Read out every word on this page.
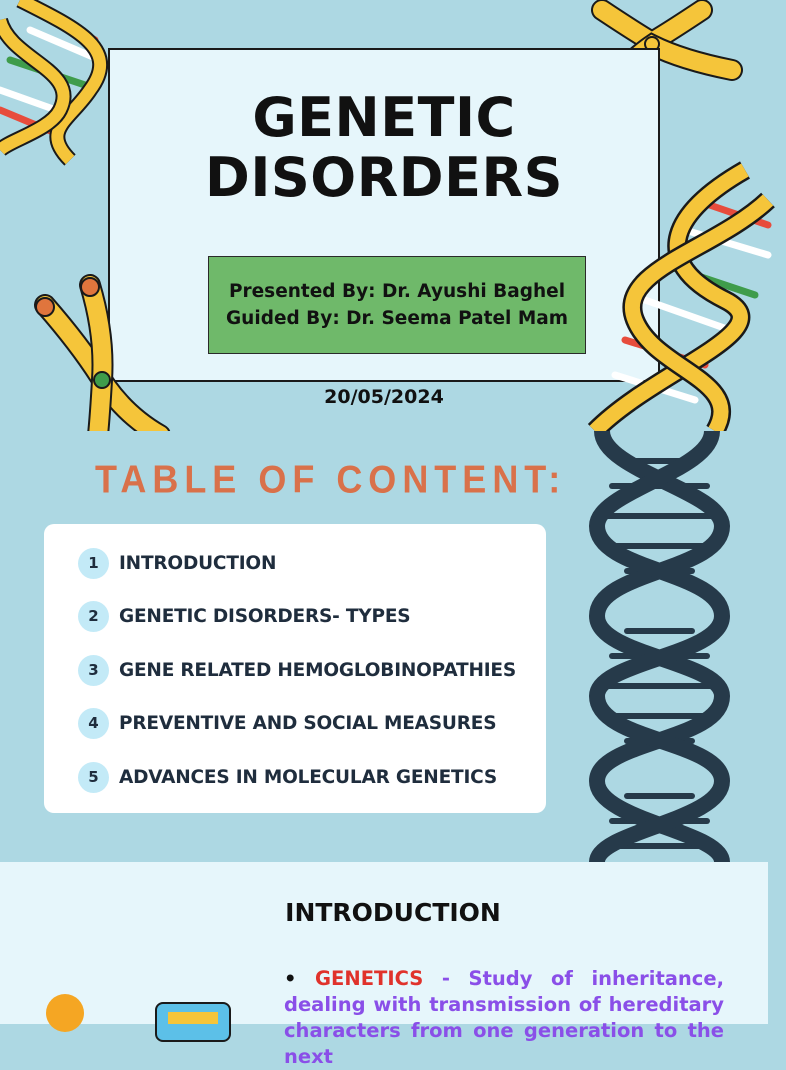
GENETIC
DISORDERS
Presented By: Dr. Ayushi Baghel
Guided By: Dr. Seema Patel Mam
20/05/2024
TABLE OF CONTENT:
1	INTRODUCTION
2	GENETIC DISORDERS- TYPES
3	GENE RELATED HEMOGLOBINOPATHIES
4	PREVENTIVE AND SOCIAL MEASURES
5	ADVANCES IN MOLECULAR GENETICS
INTRODUCTION
• GENETICS - Study of inheritance, dealing with transmission of hereditary characters from one generation to the next
